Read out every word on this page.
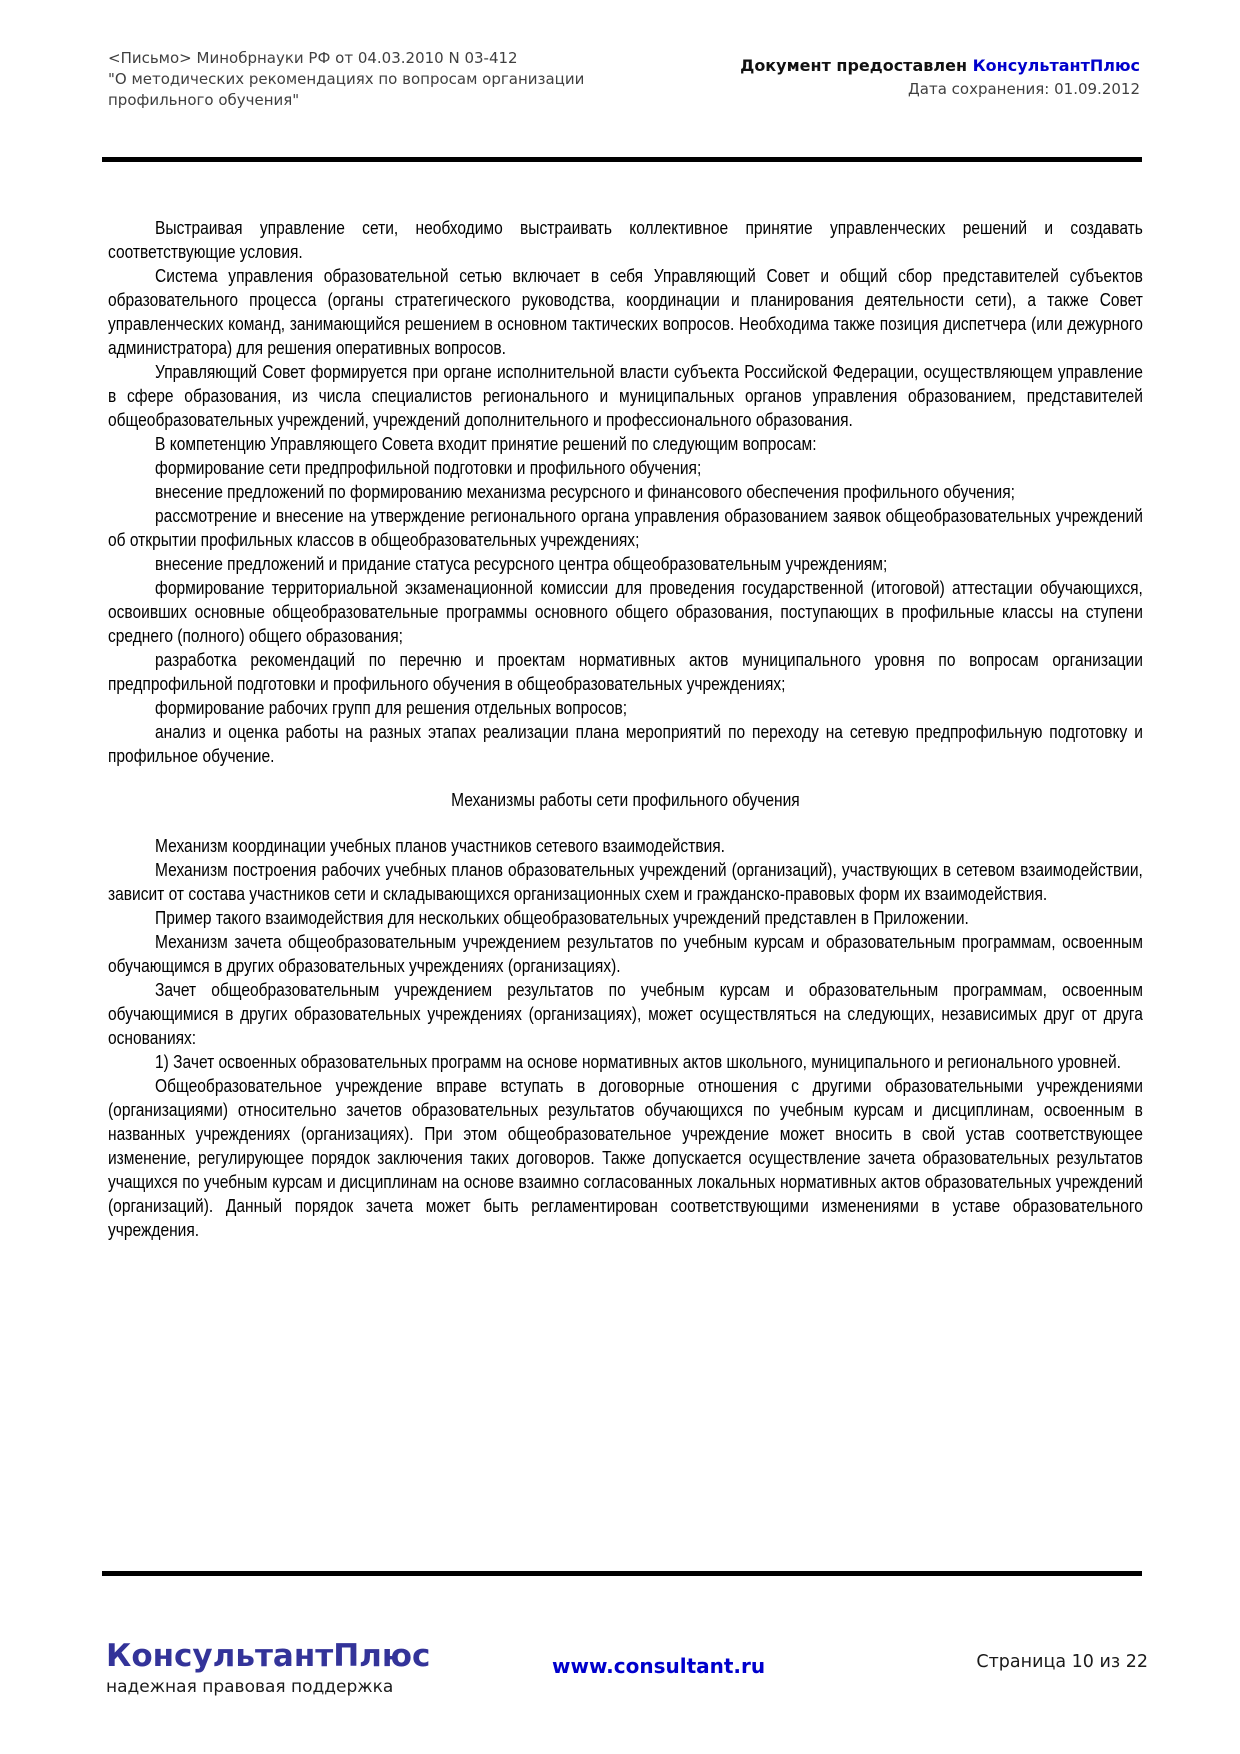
<Письмо> Минобрнауки РФ от 04.03.2010 N 03-412
"О методических рекомендациях по вопросам организации профильного обучения"
Документ предоставлен КонсультантПлюс
Дата сохранения: 01.09.2012

Выстраивая управление сети, необходимо выстраивать коллективное принятие управленческих решений и создавать соответствующие условия.

Система управления образовательной сетью включает в себя Управляющий Совет и общий сбор представителей субъектов образовательного процесса (органы стратегического руководства, координации и планирования деятельности сети), а также Совет управленческих команд, занимающийся решением в основном тактических вопросов. Необходима также позиция диспетчера (или дежурного администратора) для решения оперативных вопросов.

Управляющий Совет формируется при органе исполнительной власти субъекта Российской Федерации, осуществляющем управление в сфере образования, из числа специалистов регионального и муниципальных органов управления образованием, представителей общеобразовательных учреждений, учреждений дополнительного и профессионального образования.

В компетенцию Управляющего Совета входит принятие решений по следующим вопросам:

формирование сети предпрофильной подготовки и профильного обучения;

внесение предложений по формированию механизма ресурсного и финансового обеспечения профильного обучения;

рассмотрение и внесение на утверждение регионального органа управления образованием заявок общеобразовательных учреждений об открытии профильных классов в общеобразовательных учреждениях;

внесение предложений и придание статуса ресурсного центра общеобразовательным учреждениям;

формирование территориальной экзаменационной комиссии для проведения государственной (итоговой) аттестации обучающихся, освоивших основные общеобразовательные программы основного общего образования, поступающих в профильные классы на ступени среднего (полного) общего образования;

разработка рекомендаций по перечню и проектам нормативных актов муниципального уровня по вопросам организации предпрофильной подготовки и профильного обучения в общеобразовательных учреждениях;

формирование рабочих групп для решения отдельных вопросов;

анализ и оценка работы на разных этапах реализации плана мероприятий по переходу на сетевую предпрофильную подготовку и профильное обучение.

Механизмы работы сети профильного обучения

Механизм координации учебных планов участников сетевого взаимодействия.

Механизм построения рабочих учебных планов образовательных учреждений (организаций), участвующих в сетевом взаимодействии, зависит от состава участников сети и складывающихся организационных схем и гражданско-правовых форм их взаимодействия.

Пример такого взаимодействия для нескольких общеобразовательных учреждений представлен в Приложении.

Механизм зачета общеобразовательным учреждением результатов по учебным курсам и образовательным программам, освоенным обучающимся в других образовательных учреждениях (организациях).

Зачет общеобразовательным учреждением результатов по учебным курсам и образовательным программам, освоенным обучающимися в других образовательных учреждениях (организациях), может осуществляться на следующих, независимых друг от друга основаниях:

1) Зачет освоенных образовательных программ на основе нормативных актов школьного, муниципального и регионального уровней.

Общеобразовательное учреждение вправе вступать в договорные отношения с другими образовательными учреждениями (организациями) относительно зачетов образовательных результатов обучающихся по учебным курсам и дисциплинам, освоенным в названных учреждениях (организациях). При этом общеобразовательное учреждение может вносить в свой устав соответствующее изменение, регулирующее порядок заключения таких договоров. Также допускается осуществление зачета образовательных результатов учащихся по учебным курсам и дисциплинам на основе взаимно согласованных локальных нормативных актов образовательных учреждений (организаций). Данный порядок зачета может быть регламентирован соответствующими изменениями в уставе образовательного учреждения.

КонсультантПлюс
надежная правовая поддержка
www.consultant.ru	Страница 10 из 22
